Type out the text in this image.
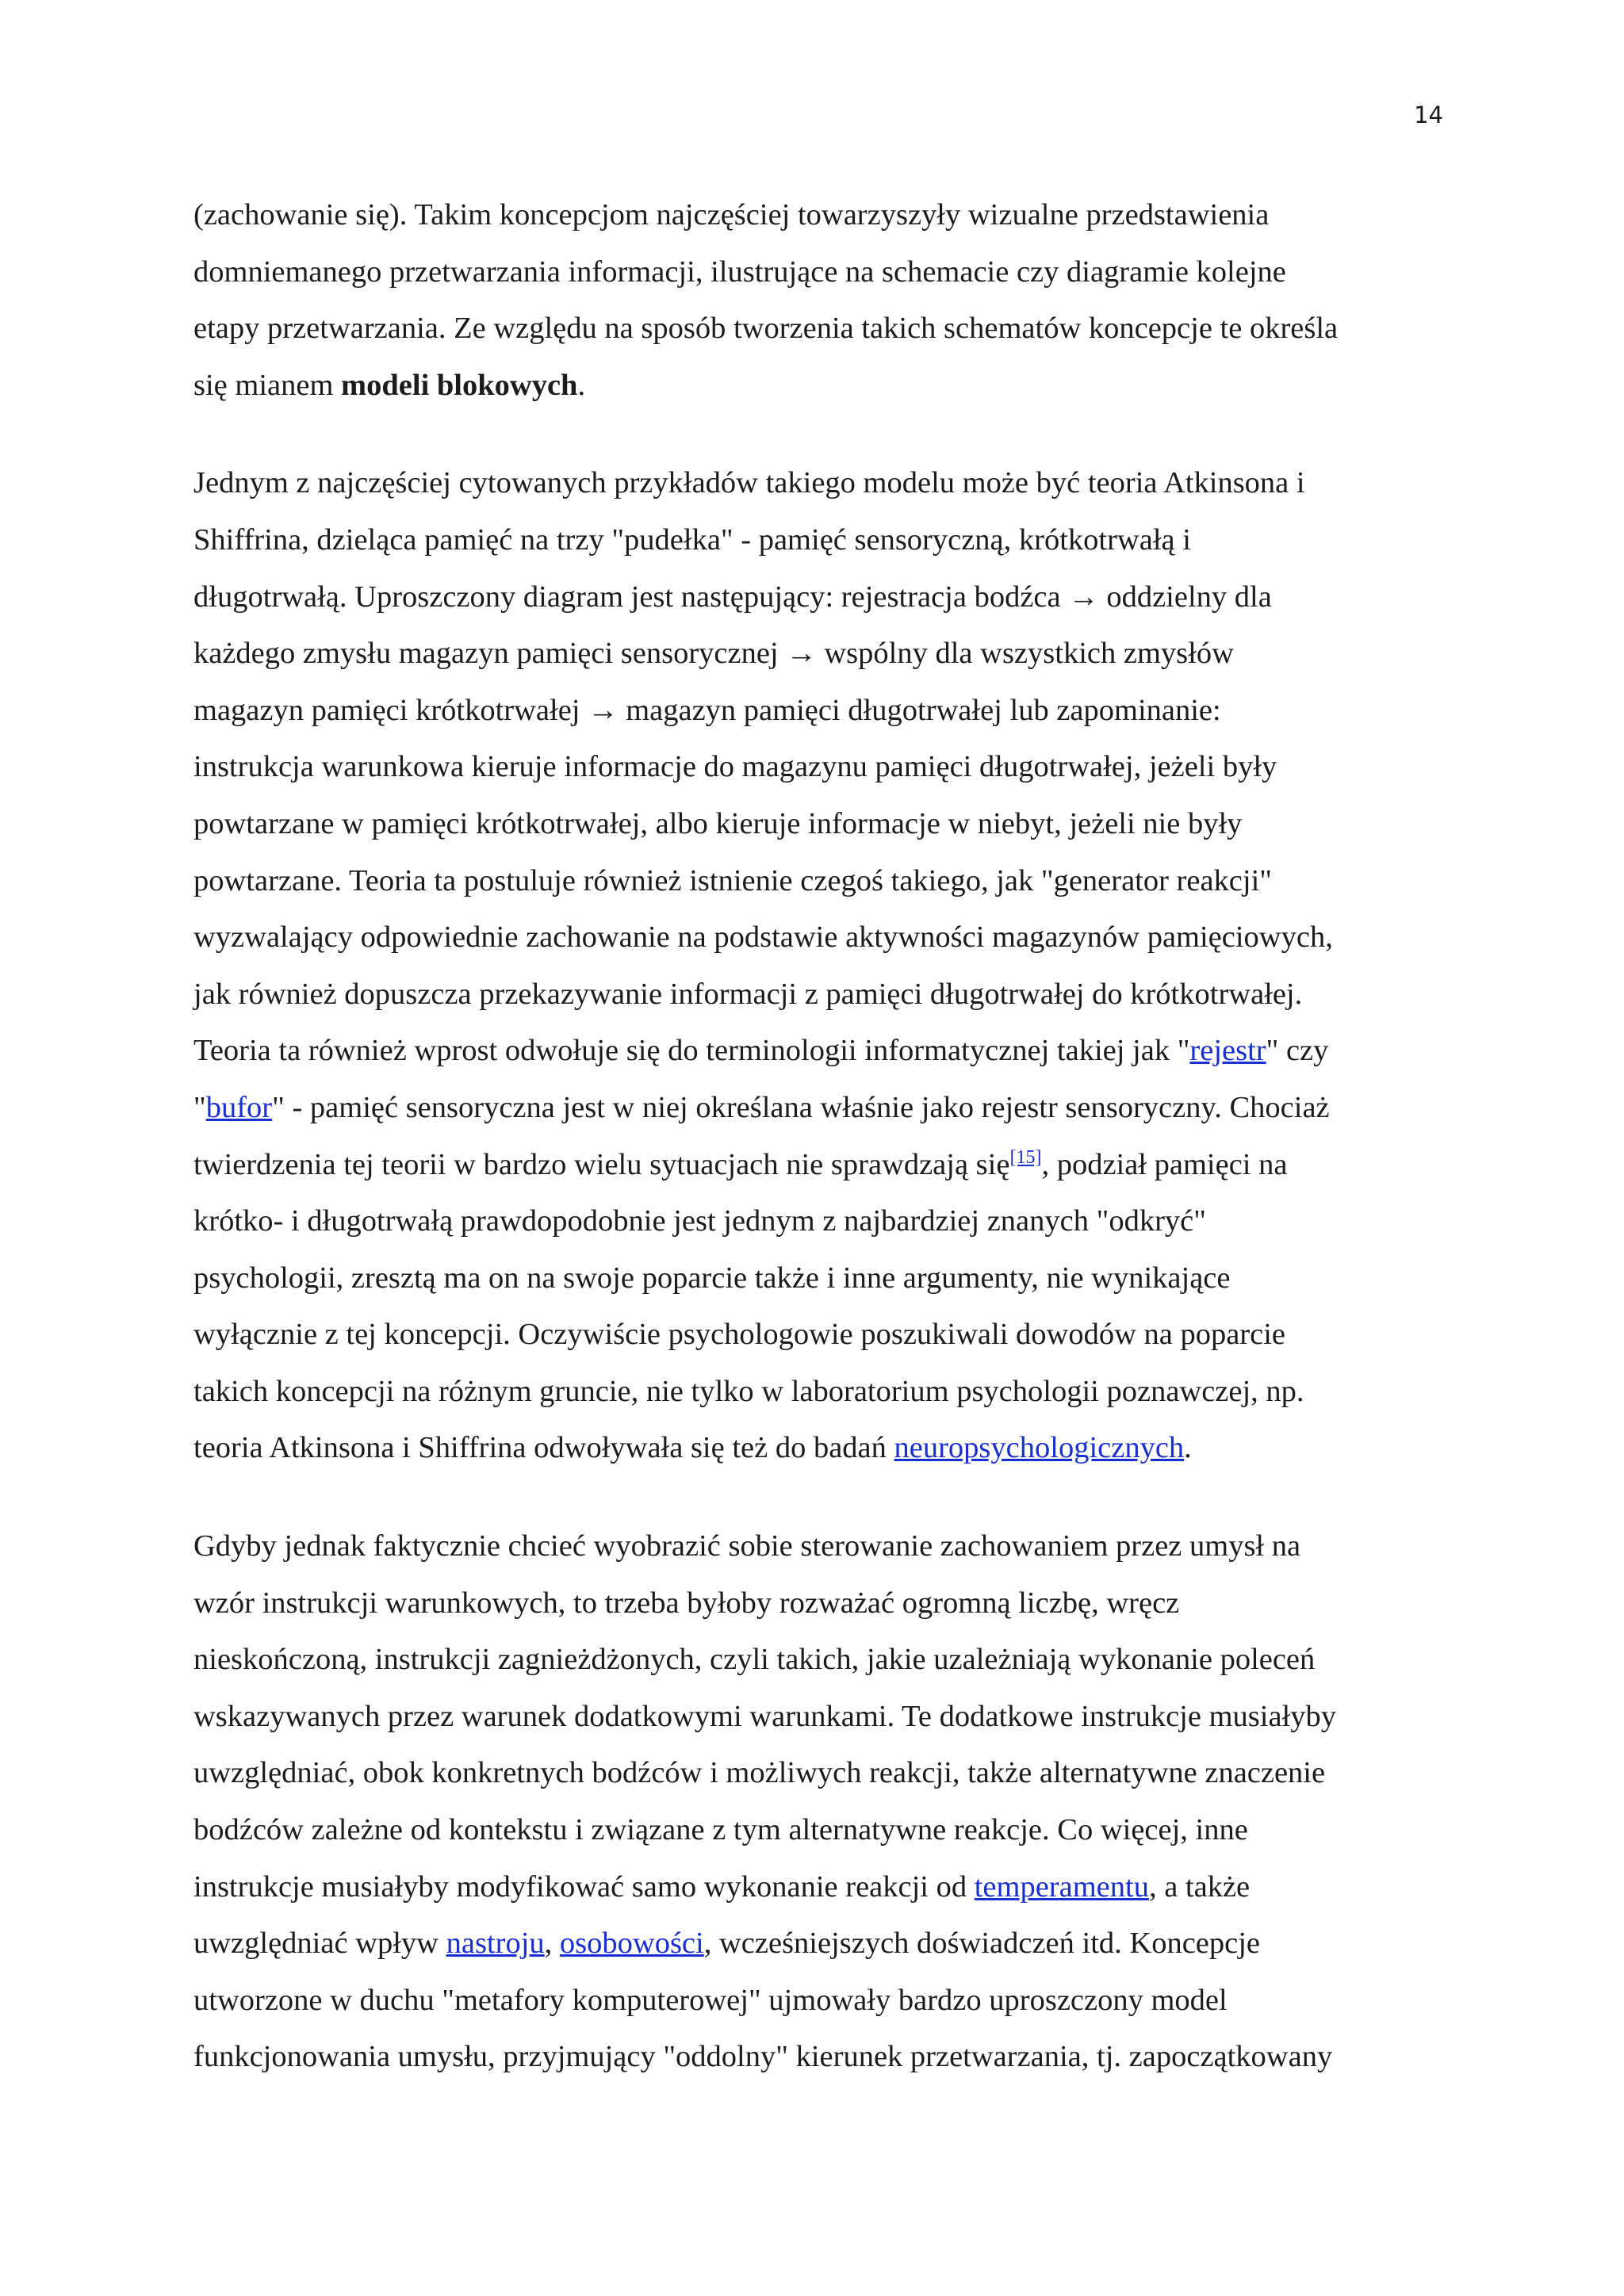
14
(zachowanie się). Takim koncepcjom najczęściej towarzyszyły wizualne przedstawienia
domniemanego przetwarzania informacji, ilustrujące na schemacie czy diagramie kolejne
etapy przetwarzania. Ze względu na sposób tworzenia takich schematów koncepcje te określa
się mianem modeli blokowych.
Jednym z najczęściej cytowanych przykładów takiego modelu może być teoria Atkinsona i
Shiffrina, dzieląca pamięć na trzy "pudełka" - pamięć sensoryczną, krótkotrwałą i
długotrwałą. Uproszczony diagram jest następujący: rejestracja bodźca → oddzielny dla
każdego zmysłu magazyn pamięci sensorycznej → wspólny dla wszystkich zmysłów
magazyn pamięci krótkotrwałej → magazyn pamięci długotrwałej lub zapominanie:
instrukcja warunkowa kieruje informacje do magazynu pamięci długotrwałej, jeżeli były
powtarzane w pamięci krótkotrwałej, albo kieruje informacje w niebyt, jeżeli nie były
powtarzane. Teoria ta postuluje również istnienie czegoś takiego, jak "generator reakcji"
wyzwalający odpowiednie zachowanie na podstawie aktywności magazynów pamięciowych,
jak również dopuszcza przekazywanie informacji z pamięci długotrwałej do krótkotrwałej.
Teoria ta również wprost odwołuje się do terminologii informatycznej takiej jak "rejestr" czy
"bufor" - pamięć sensoryczna jest w niej określana właśnie jako rejestr sensoryczny. Chociaż
twierdzenia tej teorii w bardzo wielu sytuacjach nie sprawdzają się[15], podział pamięci na
krótko- i długotrwałą prawdopodobnie jest jednym z najbardziej znanych "odkryć"
psychologii, zresztą ma on na swoje poparcie także i inne argumenty, nie wynikające
wyłącznie z tej koncepcji. Oczywiście psychologowie poszukiwali dowodów na poparcie
takich koncepcji na różnym gruncie, nie tylko w laboratorium psychologii poznawczej, np.
teoria Atkinsona i Shiffrina odwoływała się też do badań neuropsychologicznych.
Gdyby jednak faktycznie chcieć wyobrazić sobie sterowanie zachowaniem przez umysł na
wzór instrukcji warunkowych, to trzeba byłoby rozważać ogromną liczbę, wręcz
nieskończoną, instrukcji zagnieżdżonych, czyli takich, jakie uzależniają wykonanie poleceń
wskazywanych przez warunek dodatkowymi warunkami. Te dodatkowe instrukcje musiałyby
uwzględniać, obok konkretnych bodźców i możliwych reakcji, także alternatywne znaczenie
bodźców zależne od kontekstu i związane z tym alternatywne reakcje. Co więcej, inne
instrukcje musiałyby modyfikować samo wykonanie reakcji od temperamentu, a także
uwzględniać wpływ nastroju, osobowości, wcześniejszych doświadczeń itd. Koncepcje
utworzone w duchu "metafory komputerowej" ujmowały bardzo uproszczony model
funkcjonowania umysłu, przyjmujący "oddolny" kierunek przetwarzania, tj. zapoczątkowany
